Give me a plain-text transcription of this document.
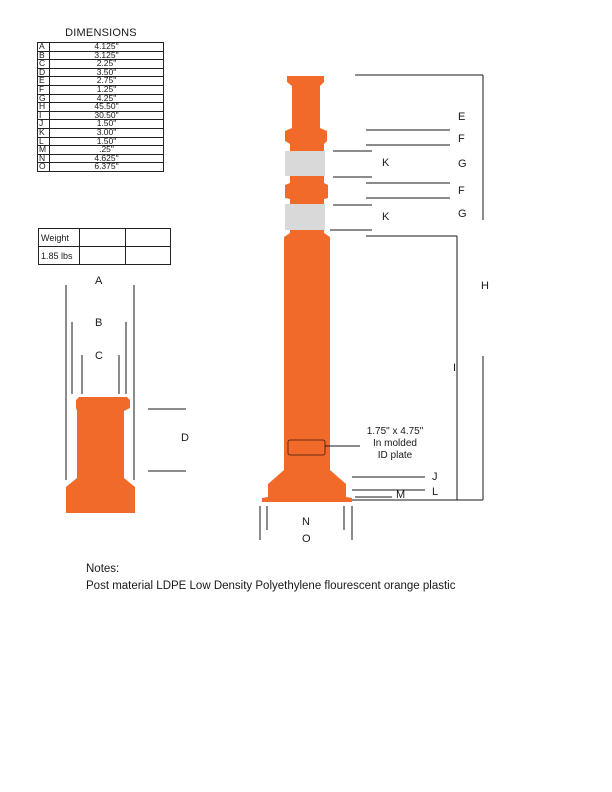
DIMENSIONS
A	4.125"
B	3.125"
C	2.25"
D	3.50"
E	2.75"
F	1.25"
G	4.25"
H	45.50"
I	30.50"
J	1.50"
K	3.00"
L	1.50"
M	.25"
N	4.625"
O	6.375"
Weight		
1.85 lbs		
A
B
C
D
E
F
K	G
F
G
K
H
I
J
L
M
N
O
1.75" x 4.75"
In molded
ID plate
Notes:
Post material LDPE Low Density Polyethylene flourescent orange plastic
